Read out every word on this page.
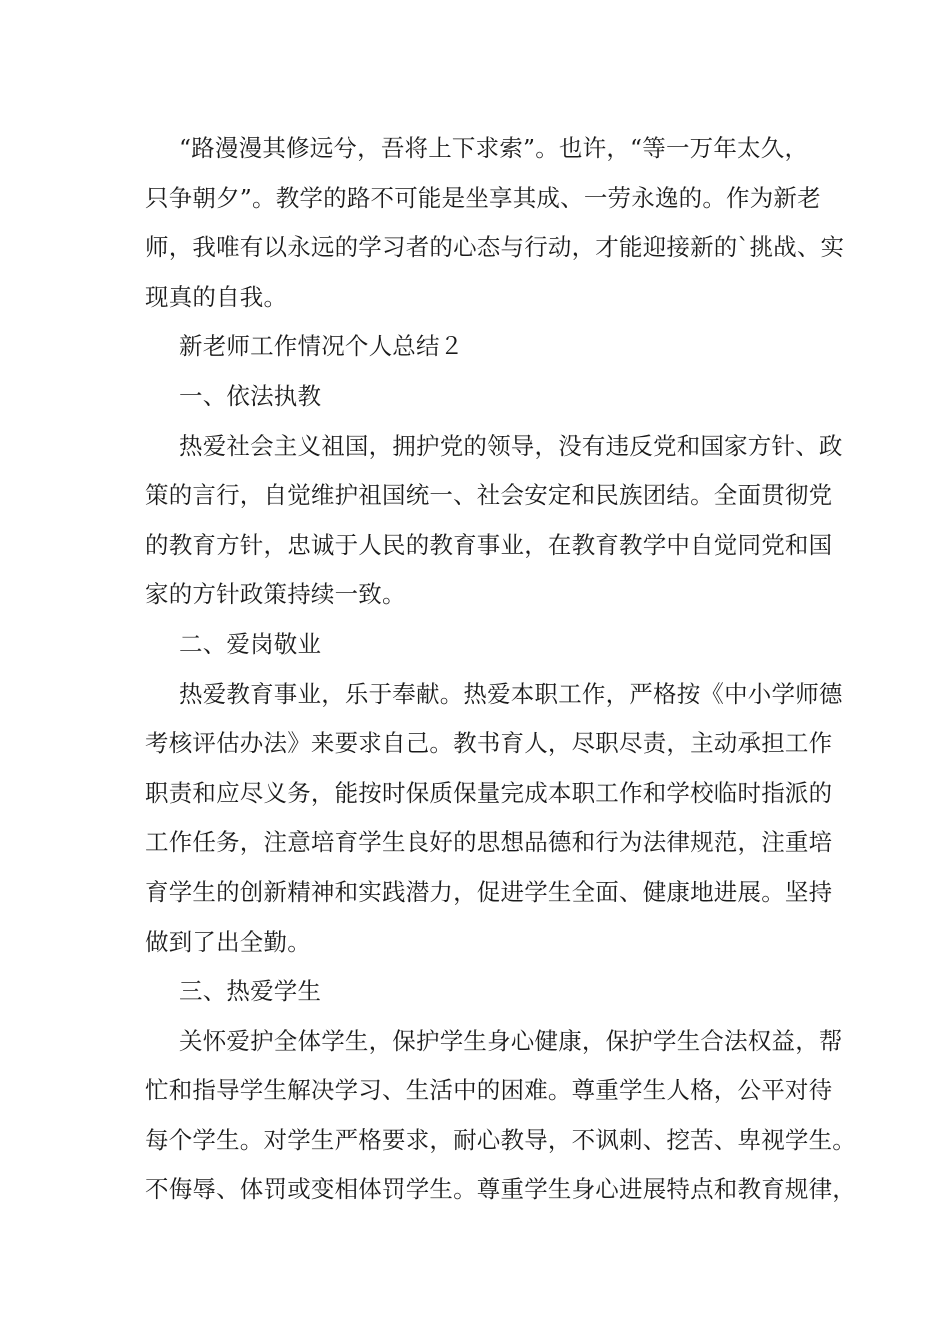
“路漫漫其修远兮，吾将上下求索”。也许，“等一万年太久，
只争朝夕”。教学的路不可能是坐享其成、一劳永逸的。作为新老
师，我唯有以永远的学习者的心态与行动，才能迎接新的`挑战、实
现真的自我。
新老师工作情况个人总结２
一、依法执教
热爱社会主义祖国，拥护党的领导，没有违反党和国家方针、政
策的言行，自觉维护祖国统一、社会安定和民族团结。全面贯彻党
的教育方针，忠诚于人民的教育事业，在教育教学中自觉同党和国
家的方针政策持续一致。
二、爱岗敬业
热爱教育事业，乐于奉献。热爱本职工作，严格按《中小学师德
考核评估办法》来要求自己。教书育人，尽职尽责，主动承担工作
职责和应尽义务，能按时保质保量完成本职工作和学校临时指派的
工作任务，注意培育学生良好的思想品德和行为法律规范，注重培
育学生的创新精神和实践潜力，促进学生全面、健康地进展。坚持
做到了出全勤。
三、热爱学生
关怀爱护全体学生，保护学生身心健康，保护学生合法权益，帮
忙和指导学生解决学习、生活中的困难。尊重学生人格，公平对待
每个学生。对学生严格要求，耐心教导，不讽刺、挖苦、卑视学生。
不侮辱、体罚或变相体罚学生。尊重学生身心进展特点和教育规律，
